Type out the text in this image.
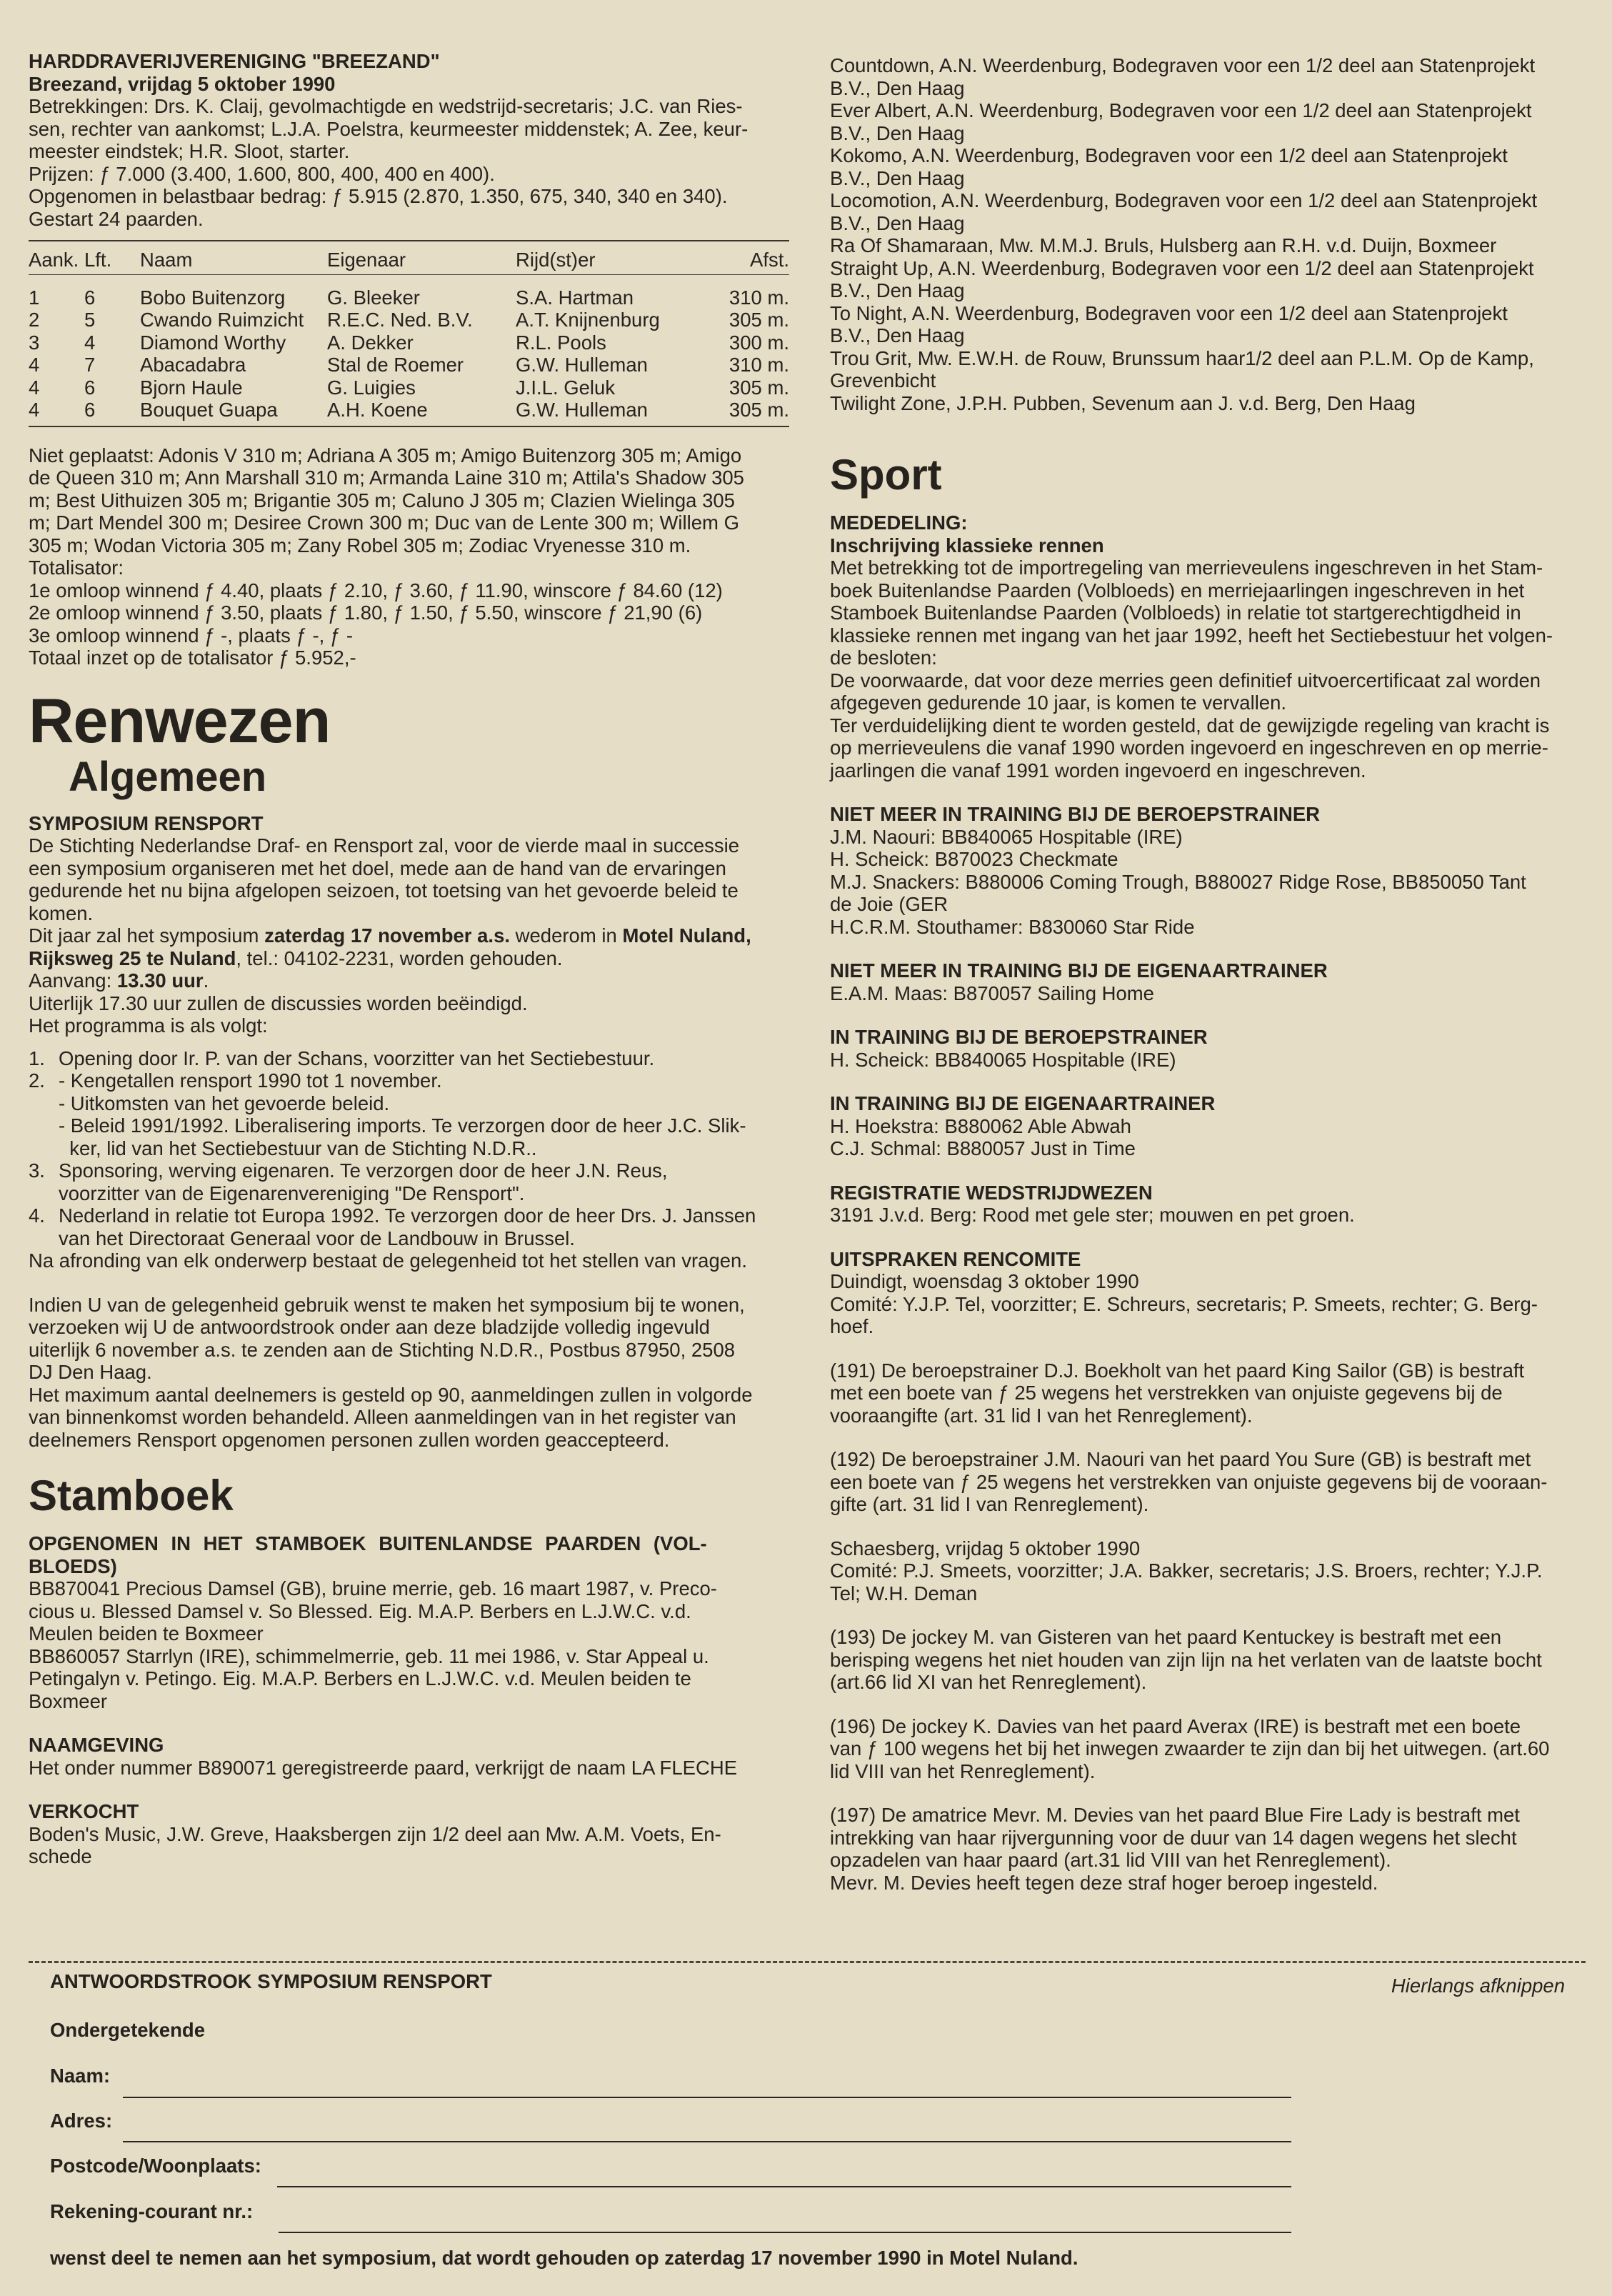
HARDDRAVERIJVERENIGING "BREEZAND"

Breezand, vrijdag 5 oktober 1990

Betrekkingen: Drs. K. Claij, gevolmachtigde en wedstrijd-secretaris; J.C. van Ries-

sen, rechter van aankomst; L.J.A. Poelstra, keurmeester middenstek; A. Zee, keur-

meester eindstek; H.R. Sloot, starter.

Prijzen: ƒ 7.000 (3.400, 1.600, 800, 400, 400 en 400).

Opgenomen in belastbaar bedrag: ƒ 5.915 (2.870, 1.350, 675, 340, 340 en 340).

Gestart 24 paarden.

Aank.	Lft.	Naam	Eigenaar	Rijd(st)er	Afst.
1	6	Bobo Buitenzorg	G. Bleeker	S.A. Hartman	310 m.
2	5	Cwando Ruimzicht	R.E.C. Ned. B.V.	A.T. Knijnenburg	305 m.
3	4	Diamond Worthy	A. Dekker	R.L. Pools	300 m.
4	7	Abacadabra	Stal de Roemer	G.W. Hulleman	310 m.
4	6	Bjorn Haule	G. Luigies	J.I.L. Geluk	305 m.
4	6	Bouquet Guapa	A.H. Koene	G.W. Hulleman	305 m.

Niet geplaatst: Adonis V 310 m; Adriana A 305 m; Amigo Buitenzorg 305 m; Amigo

de Queen 310 m; Ann Marshall 310 m; Armanda Laine 310 m; Attila's Shadow 305

m; Best Uithuizen 305 m; Brigantie 305 m; Caluno J 305 m; Clazien Wielinga 305

m; Dart Mendel 300 m; Desiree Crown 300 m; Duc van de Lente 300 m; Willem G

305 m; Wodan Victoria 305 m; Zany Robel 305 m; Zodiac Vryenesse 310 m.

Totalisator:

1e omloop winnend ƒ 4.40, plaats ƒ 2.10, ƒ 3.60, ƒ 11.90, winscore ƒ 84.60 (12)

2e omloop winnend ƒ 3.50, plaats ƒ 1.80, ƒ 1.50, ƒ 5.50, winscore ƒ 21,90 (6)

3e omloop winnend ƒ -, plaats ƒ -, ƒ -

Totaal inzet op de totalisator ƒ 5.952,-

Renwezen
Algemeen

SYMPOSIUM RENSPORT

De Stichting Nederlandse Draf- en Rensport zal, voor de vierde maal in successie

een symposium organiseren met het doel, mede aan de hand van de ervaringen

gedurende het nu bijna afgelopen seizoen, tot toetsing van het gevoerde beleid te

komen.

Dit jaar zal het symposium zaterdag 17 november a.s. wederom in Motel Nuland,
Rijksweg 25 te Nuland, tel.: 04102-2231, worden gehouden.

Aanvang: 13.30 uur.

Uiterlijk 17.30 uur zullen de discussies worden beëindigd.

Het programma is als volgt:

1. Opening door Ir. P. van der Schans, voorzitter van het Sectiebestuur.
2. - Kengetallen rensport 1990 tot 1 november.
- Uitkomsten van het gevoerde beleid.
- Beleid 1991/1992. Liberalisering imports. Te verzorgen door de heer J.C. Slik-
ker, lid van het Sectiebestuur van de Stichting N.D.R..
3. Sponsoring, werving eigenaren. Te verzorgen door de heer J.N. Reus,
voorzitter van de Eigenarenvereniging "De Rensport".
4. Nederland in relatie tot Europa 1992. Te verzorgen door de heer Drs. J. Janssen
van het Directoraat Generaal voor de Landbouw in Brussel.

Na afronding van elk onderwerp bestaat de gelegenheid tot het stellen van vragen.

Indien U van de gelegenheid gebruik wenst te maken het symposium bij te wonen,

verzoeken wij U de antwoordstrook onder aan deze bladzijde volledig ingevuld

uiterlijk 6 november a.s. te zenden aan de Stichting N.D.R., Postbus 87950, 2508

DJ Den Haag.

Het maximum aantal deelnemers is gesteld op 90, aanmeldingen zullen in volgorde

van binnenkomst worden behandeld. Alleen aanmeldingen van in het register van

deelnemers Rensport opgenomen personen zullen worden geaccepteerd.

Stamboek

OPGENOMEN IN HET STAMBOEK BUITENLANDSE PAARDEN (VOL-

BLOEDS)

BB870041 Precious Damsel (GB), bruine merrie, geb. 16 maart 1987, v. Preco-

cious u. Blessed Damsel v. So Blessed. Eig. M.A.P. Berbers en L.J.W.C. v.d.

Meulen beiden te Boxmeer

BB860057 Starrlyn (IRE), schimmelmerrie, geb. 11 mei 1986, v. Star Appeal u.

Petingalyn v. Petingo. Eig. M.A.P. Berbers en L.J.W.C. v.d. Meulen beiden te

Boxmeer

NAAMGEVING

Het onder nummer B890071 geregistreerde paard, verkrijgt de naam LA FLECHE

VERKOCHT

Boden's Music, J.W. Greve, Haaksbergen zijn 1/2 deel aan Mw. A.M. Voets, En-

schede

Countdown, A.N. Weerdenburg, Bodegraven voor een 1/2 deel aan Statenprojekt

B.V., Den Haag

Ever Albert, A.N. Weerdenburg, Bodegraven voor een 1/2 deel aan Statenprojekt

B.V., Den Haag

Kokomo, A.N. Weerdenburg, Bodegraven voor een 1/2 deel aan Statenprojekt

B.V., Den Haag

Locomotion, A.N. Weerdenburg, Bodegraven voor een 1/2 deel aan Statenprojekt

B.V., Den Haag

Ra Of Shamaraan, Mw. M.M.J. Bruls, Hulsberg aan R.H. v.d. Duijn, Boxmeer

Straight Up, A.N. Weerdenburg, Bodegraven voor een 1/2 deel aan Statenprojekt

B.V., Den Haag

To Night, A.N. Weerdenburg, Bodegraven voor een 1/2 deel aan Statenprojekt

B.V., Den Haag

Trou Grit, Mw. E.W.H. de Rouw, Brunssum haar1/2 deel aan P.L.M. Op de Kamp,

Grevenbicht

Twilight Zone, J.P.H. Pubben, Sevenum aan J. v.d. Berg, Den Haag

Sport

MEDEDELING:

Inschrijving klassieke rennen

Met betrekking tot de importregeling van merrieveulens ingeschreven in het Stam-

boek Buitenlandse Paarden (Volbloeds) en merriejaarlingen ingeschreven in het

Stamboek Buitenlandse Paarden (Volbloeds) in relatie tot startgerechtigdheid in

klassieke rennen met ingang van het jaar 1992, heeft het Sectiebestuur het volgen-

de besloten:

De voorwaarde, dat voor deze merries geen definitief uitvoercertificaat zal worden

afgegeven gedurende 10 jaar, is komen te vervallen.

Ter verduidelijking dient te worden gesteld, dat de gewijzigde regeling van kracht is

op merrieveulens die vanaf 1990 worden ingevoerd en ingeschreven en op merrie-

jaarlingen die vanaf 1991 worden ingevoerd en ingeschreven.

NIET MEER IN TRAINING BIJ DE BEROEPSTRAINER

J.M. Naouri: BB840065 Hospitable (IRE)

H. Scheick: B870023 Checkmate

M.J. Snackers: B880006 Coming Trough, B880027 Ridge Rose, BB850050 Tant

de Joie (GER

H.C.R.M. Stouthamer: B830060 Star Ride

NIET MEER IN TRAINING BIJ DE EIGENAARTRAINER

E.A.M. Maas: B870057 Sailing Home

IN TRAINING BIJ DE BEROEPSTRAINER

H. Scheick: BB840065 Hospitable (IRE)

IN TRAINING BIJ DE EIGENAARTRAINER

H. Hoekstra: B880062 Able Abwah

C.J. Schmal: B880057 Just in Time

REGISTRATIE WEDSTRIJDWEZEN

3191 J.v.d. Berg: Rood met gele ster; mouwen en pet groen.

UITSPRAKEN RENCOMITE

Duindigt, woensdag 3 oktober 1990

Comité: Y.J.P. Tel, voorzitter; E. Schreurs, secretaris; P. Smeets, rechter; G. Berg-

hoef.

(191) De beroepstrainer D.J. Boekholt van het paard King Sailor (GB) is bestraft

met een boete van ƒ 25 wegens het verstrekken van onjuiste gegevens bij de

vooraangifte (art. 31 lid I van het Renreglement).

(192) De beroepstrainer J.M. Naouri van het paard You Sure (GB) is bestraft met

een boete van ƒ 25 wegens het verstrekken van onjuiste gegevens bij de vooraan-

gifte (art. 31 lid I van Renreglement).

Schaesberg, vrijdag 5 oktober 1990

Comité: P.J. Smeets, voorzitter; J.A. Bakker, secretaris; J.S. Broers, rechter; Y.J.P.

Tel; W.H. Deman

(193) De jockey M. van Gisteren van het paard Kentuckey is bestraft met een

berisping wegens het niet houden van zijn lijn na het verlaten van de laatste bocht

(art.66 lid XI van het Renreglement).

(196) De jockey K. Davies van het paard Averax (IRE) is bestraft met een boete

van ƒ 100 wegens het bij het inwegen zwaarder te zijn dan bij het uitwegen. (art.60

lid VIII van het Renreglement).

(197) De amatrice Mevr. M. Devies van het paard Blue Fire Lady is bestraft met

intrekking van haar rijvergunning voor de duur van 14 dagen wegens het slecht

opzadelen van haar paard (art.31 lid VIII van het Renreglement).

Mevr. M. Devies heeft tegen deze straf hoger beroep ingesteld.

ANTWOORDSTROOK SYMPOSIUM RENSPORT	Hierlangs afknippen
Ondergetekende
Naam:
Adres:
Postcode/Woonplaats:
Rekening-courant nr.:
wenst deel te nemen aan het symposium, dat wordt gehouden op zaterdag 17 november 1990 in Motel Nuland.
